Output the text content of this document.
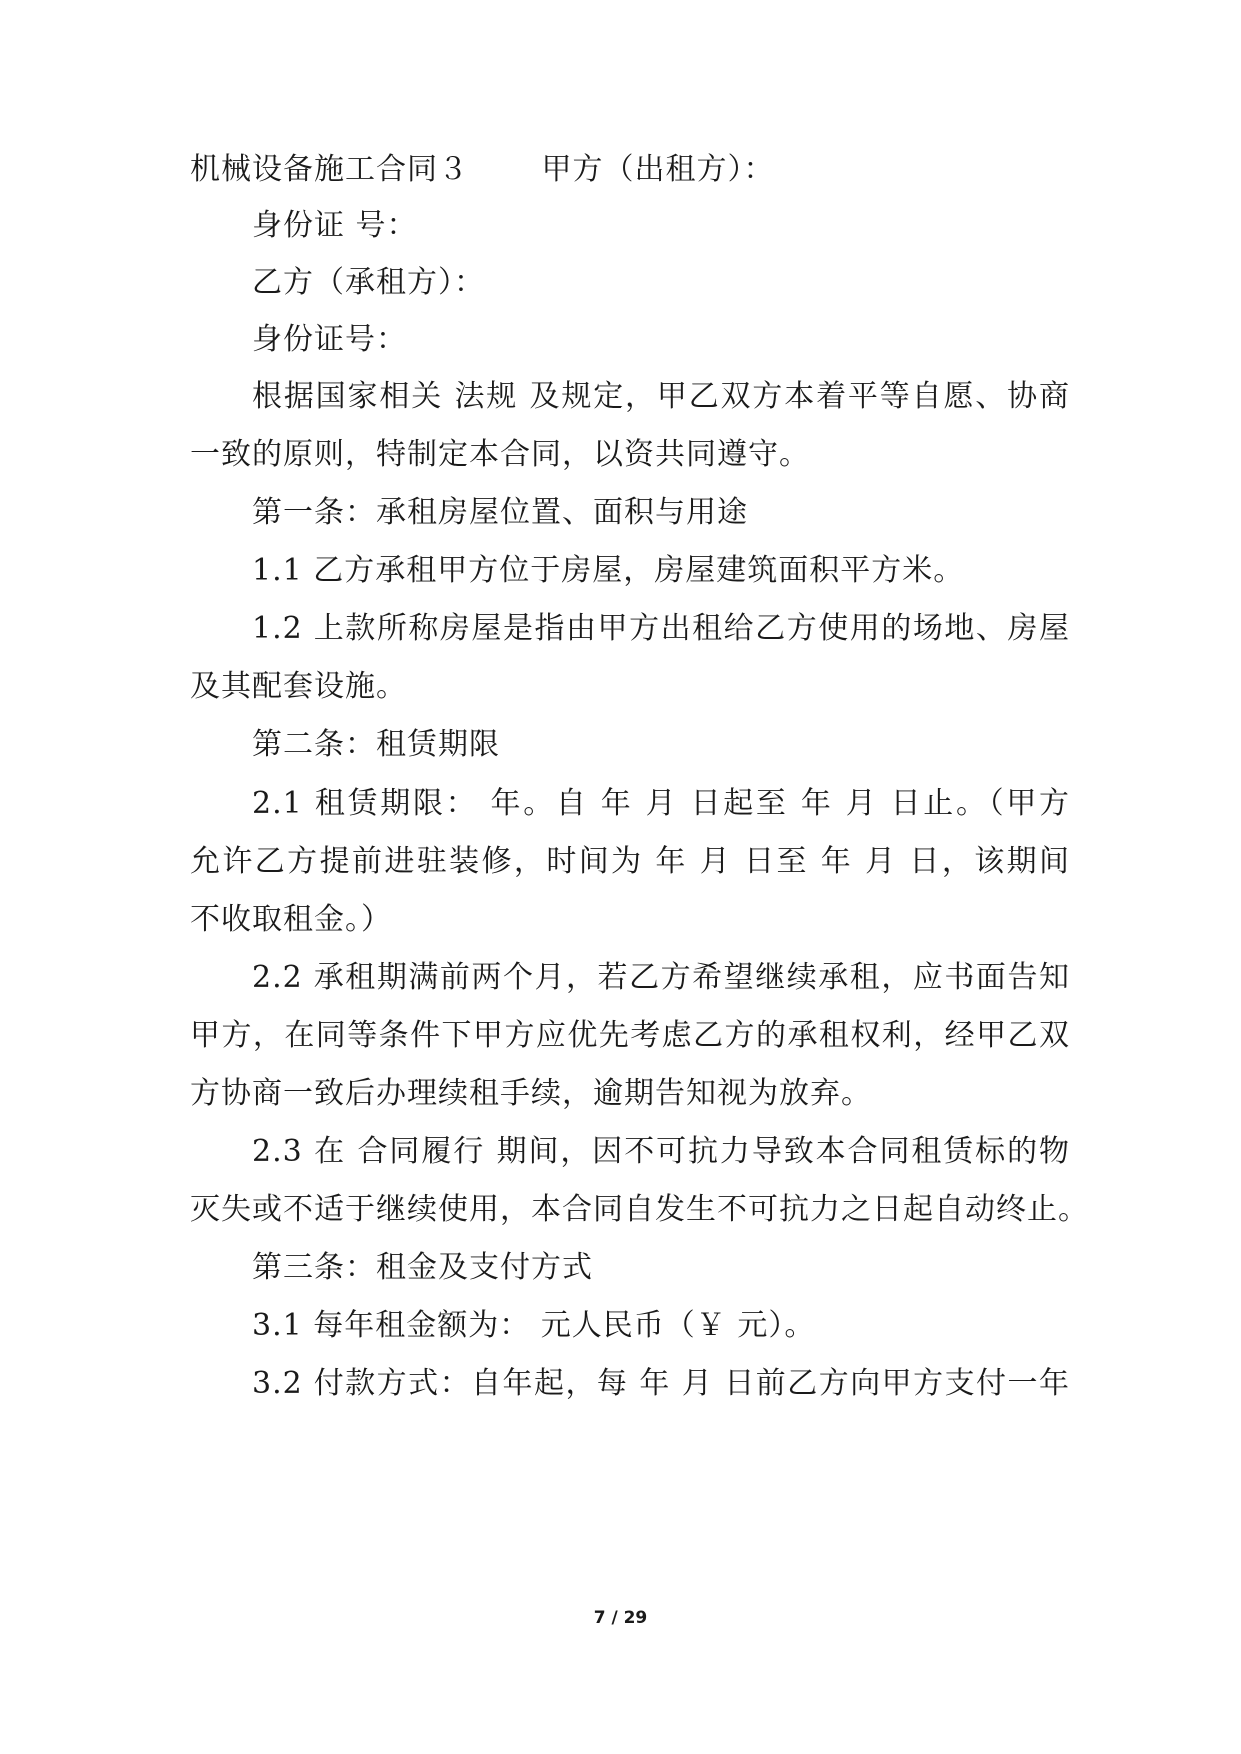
机械设备施工合同３　　 甲方（出租方）：
身份证 号：
乙方（承租方）：
身份证号：
根据国家相关 法规 及规定，甲乙双方本着平等自愿、协商
一致的原则，特制定本合同，以资共同遵守。
第一条：承租房屋位置、面积与用途
1.1 乙方承租甲方位于房屋，房屋建筑面积平方米。
1.2 上款所称房屋是指由甲方出租给乙方使用的场地、房屋
及其配套设施。
第二条：租赁期限
2.1 租赁期限： 年。自 年 月 日起至 年 月 日止。（甲方
允许乙方提前进驻装修，时间为 年 月 日至 年 月 日，该期间
不收取租金。）
2.2 承租期满前两个月，若乙方希望继续承租，应书面告知
甲方，在同等条件下甲方应优先考虑乙方的承租权利，经甲乙双
方协商一致后办理续租手续，逾期告知视为放弃。
2.3 在 合同履行 期间，因不可抗力导致本合同租赁标的物
灭失或不适于继续使用，本合同自发生不可抗力之日起自动终止。
第三条：租金及支付方式
3.1 每年租金额为： 元人民币（￥ 元）。
3.2 付款方式：自年起，每 年 月 日前乙方向甲方支付一年
7 / 29
